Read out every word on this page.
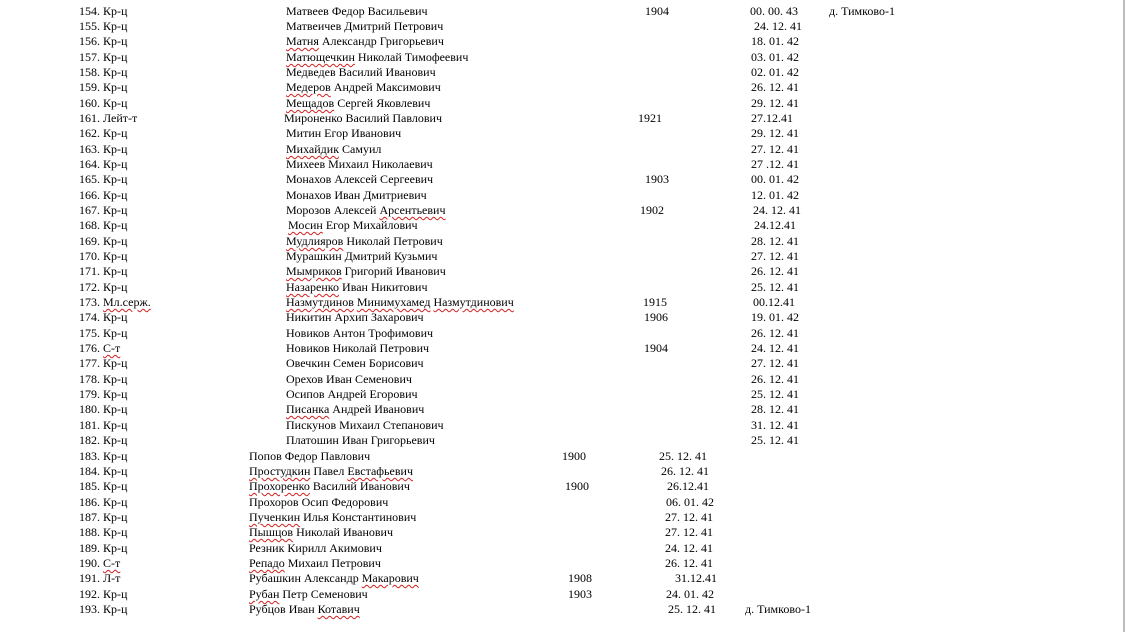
154. Кр-ц	Матвеев Федор Васильевич	1904	00. 00. 43	д. Тимково-1
155. Кр-ц	Матвеичев Дмитрий Петрович	24. 12. 41
156. Кр-ц	Матня Александр Григорьевич	18. 01. 42
157. Кр-ц	Матющечкин Николай Тимофеевич	03. 01. 42
158. Кр-ц	Медведев Василий Иванович	02. 01. 42
159. Кр-ц	Медеров Андрей Максимович	26. 12. 41
160. Кр-ц	Мещадов Сергей Яковлевич	29. 12. 41
161. Лейт-т	Мироненко Василий Павлович	1921	27.12.41
162. Кр-ц	Митин Егор Иванович	29. 12. 41
163. Кр-ц	Михайдик Самуил	27. 12. 41
164. Кр-ц	Михеев Михаил Николаевич	27 .12. 41
165. Кр-ц	Монахов Алексей Сергеевич	1903	00. 01. 42
166. Кр-ц	Монахов Иван Дмитриевич	12. 01. 42
167. Кр-ц	Морозов Алексей Арсентьевич	1902	24. 12. 41
168. Кр-ц	Мосин Егор Михайлович	24.12.41
169. Кр-ц	Мудлияров Николай Петрович	28. 12. 41
170. Кр-ц	Мурашкин Дмитрий Кузьмич	27. 12. 41
171. Кр-ц	Мымриков Григорий Иванович	26. 12. 41
172. Кр-ц	Назаренко Иван Никитович	25. 12. 41
173. Мл.серж.	Назмутдинов Минимухамед Назмутдинович	1915	00.12.41
174. Кр-ц	Никитин Архип Захарович	1906	19. 01. 42
175. Кр-ц	Новиков Антон Трофимович	26. 12. 41
176. С-т	Новиков Николай Петрович	1904	24. 12. 41
177. Кр-ц	Овечкин Семен Борисович	27. 12. 41
178. Кр-ц	Орехов Иван Семенович	26. 12. 41
179. Кр-ц	Осипов Андрей Егорович	25. 12. 41
180. Кр-ц	Писанка Андрей Иванович	28. 12. 41
181. Кр-ц	Пискунов Михаил Степанович	31. 12. 41
182. Кр-ц	Платошин Иван Григорьевич	25. 12. 41
183. Кр-ц	Попов Федор Павлович	1900	25. 12. 41
184. Кр-ц	Простудкин Павел Евстафьевич	26. 12. 41
185. Кр-ц	Прохоренко Василий Иванович	1900	26.12.41
186. Кр-ц	Прохоров Осип Федорович	06. 01. 42
187. Кр-ц	Пученкин Илья Константинович	27. 12. 41
188. Кр-ц	Пышцов Николай Иванович	27. 12. 41
189. Кр-ц	Резник Кирилл Акимович	24. 12. 41
190. С-т	Репадо Михаил Петрович	26. 12. 41
191. Л-т	Рубашкин Александр Макарович	1908	31.12.41
192. Кр-ц	Рубан Петр Семенович	1903	24. 01. 42
193. Кр-ц	Рубцов Иван Котавич	25. 12. 41 д. Тимково-1
